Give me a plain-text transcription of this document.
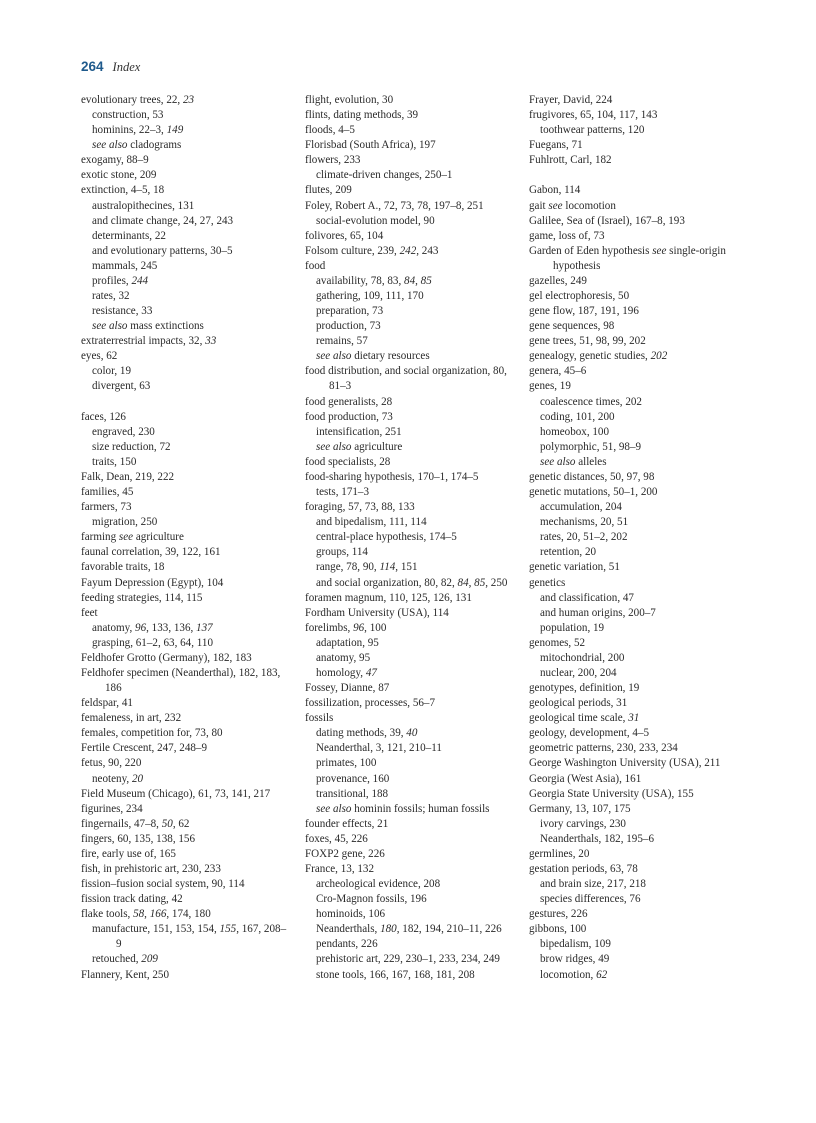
264 Index
evolutionary trees, 22, 23
construction, 53
hominins, 22–3, 149
see also cladograms
exogamy, 88–9
exotic stone, 209
extinction, 4–5, 18
australopithecines, 131
and climate change, 24, 27, 243
determinants, 22
and evolutionary patterns, 30–5
mammals, 245
profiles, 244
rates, 32
resistance, 33
see also mass extinctions
extraterrestrial impacts, 32, 33
eyes, 62
color, 19
divergent, 63
faces, 126
engraved, 230
size reduction, 72
traits, 150
Falk, Dean, 219, 222
families, 45
farmers, 73
migration, 250
farming see agriculture
faunal correlation, 39, 122, 161
favorable traits, 18
Fayum Depression (Egypt), 104
feeding strategies, 114, 115
feet
anatomy, 96, 133, 136, 137
grasping, 61–2, 63, 64, 110
Feldhofer Grotto (Germany), 182, 183
Feldhofer specimen (Neanderthal), 182, 183, 186
feldspar, 41
femaleness, in art, 232
females, competition for, 73, 80
Fertile Crescent, 247, 248–9
fetus, 90, 220
neoteny, 20
Field Museum (Chicago), 61, 73, 141, 217
figurines, 234
fingernails, 47–8, 50, 62
fingers, 60, 135, 138, 156
fire, early use of, 165
fish, in prehistoric art, 230, 233
fission–fusion social system, 90, 114
fission track dating, 42
flake tools, 58, 166, 174, 180
manufacture, 151, 153, 154, 155, 167, 208–9
retouched, 209
Flannery, Kent, 250
flight, evolution, 30
flints, dating methods, 39
floods, 4–5
Florisbad (South Africa), 197
flowers, 233
climate-driven changes, 250–1
flutes, 209
Foley, Robert A., 72, 73, 78, 197–8, 251
social-evolution model, 90
folivores, 65, 104
Folsom culture, 239, 242, 243
food
availability, 78, 83, 84, 85
gathering, 109, 111, 170
preparation, 73
production, 73
remains, 57
see also dietary resources
food distribution, and social organization, 80, 81–3
food generalists, 28
food production, 73
intensification, 251
see also agriculture
food specialists, 28
food-sharing hypothesis, 170–1, 174–5
tests, 171–3
foraging, 57, 73, 88, 133
and bipedalism, 111, 114
central-place hypothesis, 174–5
groups, 114
range, 78, 90, 114, 151
and social organization, 80, 82, 84, 85, 250
foramen magnum, 110, 125, 126, 131
Fordham University (USA), 114
forelimbs, 96, 100
adaptation, 95
anatomy, 95
homology, 47
Fossey, Dianne, 87
fossilization, processes, 56–7
fossils
dating methods, 39, 40
Neanderthal, 3, 121, 210–11
primates, 100
provenance, 160
transitional, 188
see also hominin fossils; human fossils
founder effects, 21
foxes, 45, 226
FOXP2 gene, 226
France, 13, 132
archeological evidence, 208
Cro-Magnon fossils, 196
hominoids, 106
Neanderthals, 180, 182, 194, 210–11, 226
pendants, 226
prehistoric art, 229, 230–1, 233, 234, 249
stone tools, 166, 167, 168, 181, 208
Frayer, David, 224
frugivores, 65, 104, 117, 143
toothwear patterns, 120
Fuegans, 71
Fuhlrott, Carl, 182
Gabon, 114
gait see locomotion
Galilee, Sea of (Israel), 167–8, 193
game, loss of, 73
Garden of Eden hypothesis see single-origin hypothesis
gazelles, 249
gel electrophoresis, 50
gene flow, 187, 191, 196
gene sequences, 98
gene trees, 51, 98, 99, 202
genealogy, genetic studies, 202
genera, 45–6
genes, 19
coalescence times, 202
coding, 101, 200
homeobox, 100
polymorphic, 51, 98–9
see also alleles
genetic distances, 50, 97, 98
genetic mutations, 50–1, 200
accumulation, 204
mechanisms, 20, 51
rates, 20, 51–2, 202
retention, 20
genetic variation, 51
genetics
and classification, 47
and human origins, 200–7
population, 19
genomes, 52
mitochondrial, 200
nuclear, 200, 204
genotypes, definition, 19
geological periods, 31
geological time scale, 31
geology, development, 4–5
geometric patterns, 230, 233, 234
George Washington University (USA), 211
Georgia (West Asia), 161
Georgia State University (USA), 155
Germany, 13, 107, 175
ivory carvings, 230
Neanderthals, 182, 195–6
germlines, 20
gestation periods, 63, 78
and brain size, 217, 218
species differences, 76
gestures, 226
gibbons, 100
bipedalism, 109
brow ridges, 49
locomotion, 62
